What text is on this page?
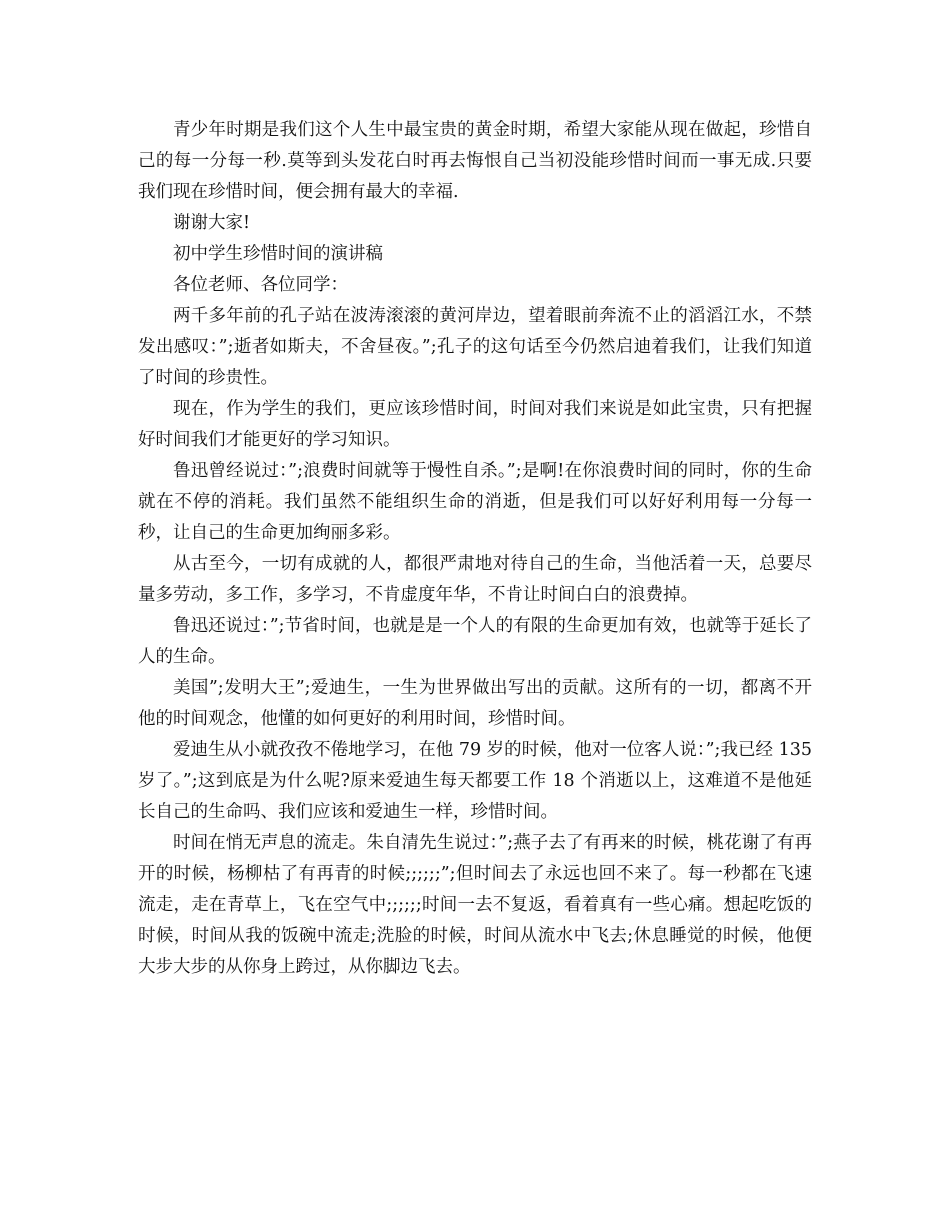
青少年时期是我们这个人生中最宝贵的黄金时期，希望大家能从现在做起，珍惜自己的每一分每一秒.莫等到头发花白时再去悔恨自己当初没能珍惜时间而一事无成.只要我们现在珍惜时间，便会拥有最大的幸福.

谢谢大家!

初中学生珍惜时间的演讲稿

各位老师、各位同学：

两千多年前的孔子站在波涛滚滚的黄河岸边，望着眼前奔流不止的滔滔江水，不禁发出感叹：”;逝者如斯夫，不舍昼夜。”;孔子的这句话至今仍然启迪着我们，让我们知道了时间的珍贵性。

现在，作为学生的我们，更应该珍惜时间，时间对我们来说是如此宝贵，只有把握好时间我们才能更好的学习知识。

鲁迅曾经说过：”;浪费时间就等于慢性自杀。”;是啊!在你浪费时间的同时，你的生命就在不停的消耗。我们虽然不能组织生命的消逝，但是我们可以好好利用每一分每一秒，让自己的生命更加绚丽多彩。

从古至今，一切有成就的人，都很严肃地对待自己的生命，当他活着一天，总要尽量多劳动，多工作，多学习，不肯虚度年华，不肯让时间白白的浪费掉。

鲁迅还说过：”;节省时间，也就是是一个人的有限的生命更加有效，也就等于延长了人的生命。

美国”;发明大王”;爱迪生，一生为世界做出写出的贡献。这所有的一切，都离不开他的时间观念，他懂的如何更好的利用时间，珍惜时间。

爱迪生从小就孜孜不倦地学习，在他 79 岁的时候，他对一位客人说：”;我已经 135 岁了。”;这到底是为什么呢?原来爱迪生每天都要工作 18 个消逝以上，这难道不是他延长自己的生命吗、我们应该和爱迪生一样，珍惜时间。

时间在悄无声息的流走。朱自清先生说过：”;燕子去了有再来的时候，桃花谢了有再开的时候，杨柳枯了有再青的时候;;;;;;”;但时间去了永远也回不来了。每一秒都在飞速流走，走在青草上，飞在空气中;;;;;;时间一去不复返，看着真有一些心痛。想起吃饭的时候，时间从我的饭碗中流走;洗脸的时候，时间从流水中飞去;休息睡觉的时候，他便大步大步的从你身上跨过，从你脚边飞去。
